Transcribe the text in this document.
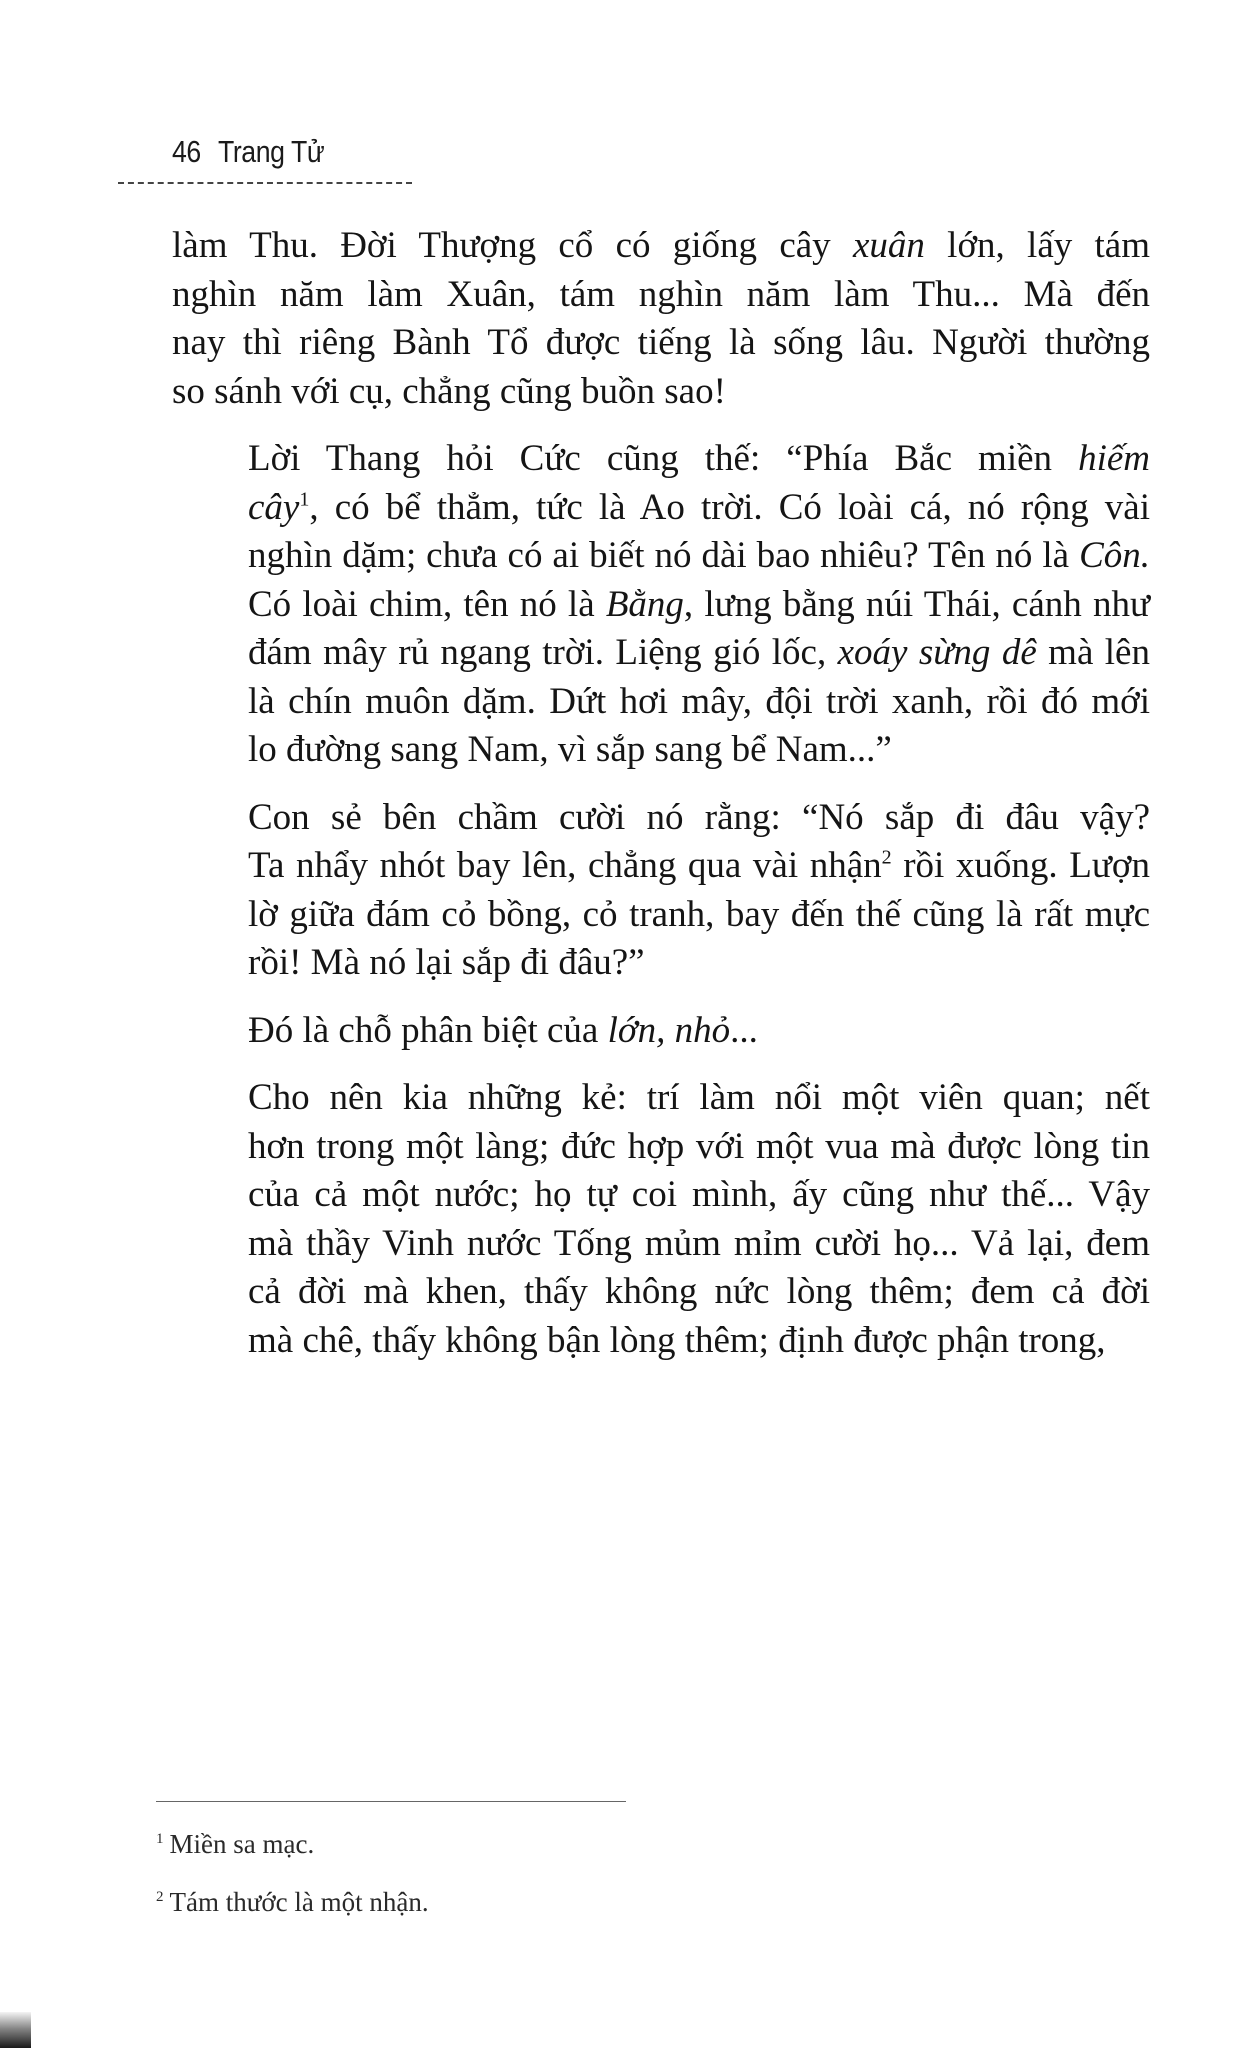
46 Trang Tử

làm Thu. Đời Thượng cổ có giống cây xuân lớn, lấy tám
nghìn năm làm Xuân, tám nghìn năm làm Thu... Mà đến
nay thì riêng Bành Tổ được tiếng là sống lâu. Người thường
so sánh với cụ, chẳng cũng buồn sao!

Lời Thang hỏi Cức cũng thế: “Phía Bắc miền hiếm
cây$^1$, có bể thẳm, tức là Ao trời. Có loài cá, nó rộng vài
nghìn dặm; chưa có ai biết nó dài bao nhiêu? Tên nó là Côn.
Có loài chim, tên nó là Bằng, lưng bằng núi Thái, cánh như
đám mây rủ ngang trời. Liệng gió lốc, xoáy sừng dê mà lên
là chín muôn dặm. Dứt hơi mây, đội trời xanh, rồi đó mới
lo đường sang Nam, vì sắp sang bể Nam...”

Con sẻ bên chầm cười nó rằng: “Nó sắp đi đâu vậy?
Ta nhẩy nhót bay lên, chẳng qua vài nhận$^2$ rồi xuống. Lượn
lờ giữa đám cỏ bồng, cỏ tranh, bay đến thế cũng là rất mực
rồi! Mà nó lại sắp đi đâu?”

Đó là chỗ phân biệt của lớn, nhỏ...

Cho nên kia những kẻ: trí làm nổi một viên quan; nết
hơn trong một làng; đức hợp với một vua mà được lòng tin
của cả một nước; họ tự coi mình, ấy cũng như thế... Vậy
mà thầy Vinh nước Tống mủm mỉm cười họ... Vả lại, đem
cả đời mà khen, thấy không nức lòng thêm; đem cả đời
mà chê, thấy không bận lòng thêm; định được phận trong,

$^1$ Miền sa mạc.
$^2$ Tám thước là một nhận.
